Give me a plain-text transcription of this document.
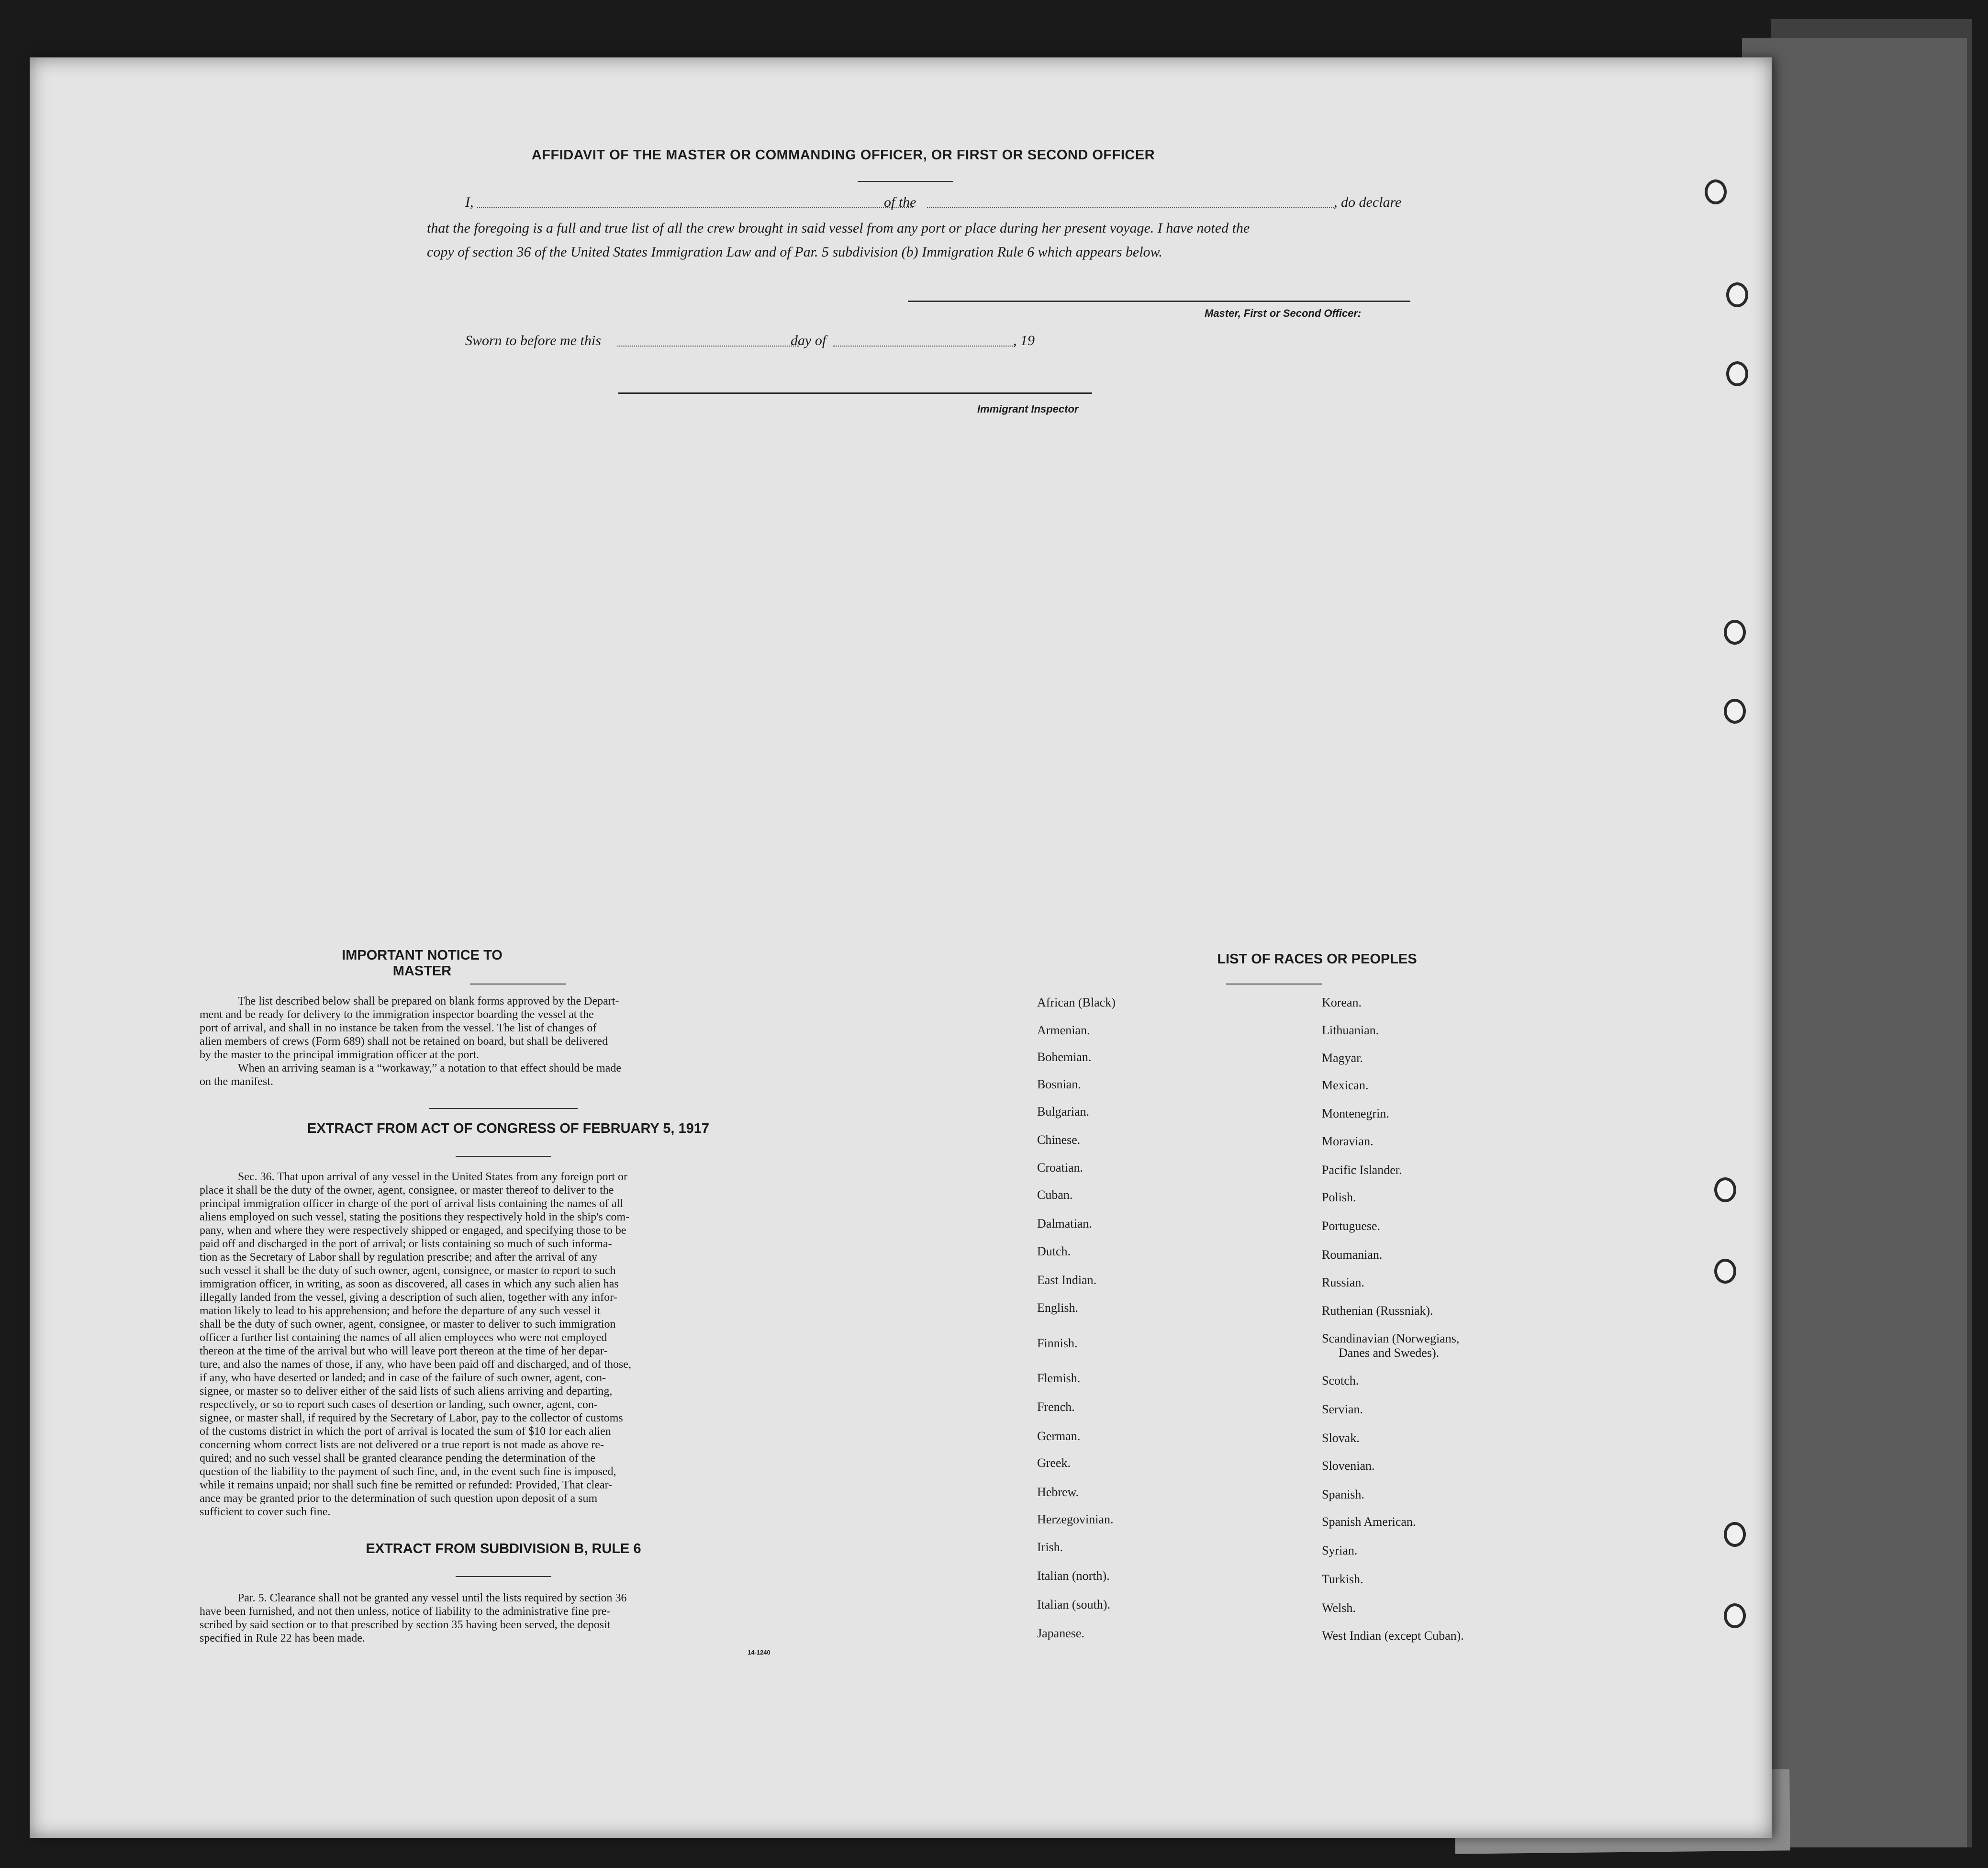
AFFIDAVIT OF THE MASTER OR COMMANDING OFFICER, OR FIRST OR SECOND OFFICER
I,	of the	, do declare
that the foregoing is a full and true list of all the crew brought in said vessel from any port or place during her present voyage. I have noted the
copy of section 36 of the United States Immigration Law and of Par. 5 subdivision (b) Immigration Rule 6 which appears below.
Master, First or Second Officer:
Sworn to before me this	day of	, 19
Immigrant Inspector
IMPORTANT NOTICE TO MASTER
The list described below shall be prepared on blank forms approved by the Depart-
ment and be ready for delivery to the immigration inspector boarding the vessel at the
port of arrival, and shall in no instance be taken from the vessel. The list of changes of
alien members of crews (Form 689) shall not be retained on board, but shall be delivered
by the master to the principal immigration officer at the port.
When an arriving seaman is a “workaway,” a notation to that effect should be made
on the manifest.
EXTRACT FROM ACT OF CONGRESS OF FEBRUARY 5, 1917
Sec. 36. That upon arrival of any vessel in the United States from any foreign port or
place it shall be the duty of the owner, agent, consignee, or master thereof to deliver to the
principal immigration officer in charge of the port of arrival lists containing the names of all
aliens employed on such vessel, stating the positions they respectively hold in the ship's com-
pany, when and where they were respectively shipped or engaged, and specifying those to be
paid off and discharged in the port of arrival; or lists containing so much of such informa-
tion as the Secretary of Labor shall by regulation prescribe; and after the arrival of any
such vessel it shall be the duty of such owner, agent, consignee, or master to report to such
immigration officer, in writing, as soon as discovered, all cases in which any such alien has
illegally landed from the vessel, giving a description of such alien, together with any infor-
mation likely to lead to his apprehension; and before the departure of any such vessel it
shall be the duty of such owner, agent, consignee, or master to deliver to such immigration
officer a further list containing the names of all alien employees who were not employed
thereon at the time of the arrival but who will leave port thereon at the time of her depar-
ture, and also the names of those, if any, who have been paid off and discharged, and of those,
if any, who have deserted or landed; and in case of the failure of such owner, agent, con-
signee, or master so to deliver either of the said lists of such aliens arriving and departing,
respectively, or so to report such cases of desertion or landing, such owner, agent, con-
signee, or master shall, if required by the Secretary of Labor, pay to the collector of customs
of the customs district in which the port of arrival is located the sum of $10 for each alien
concerning whom correct lists are not delivered or a true report is not made as above re-
quired; and no such vessel shall be granted clearance pending the determination of the
question of the liability to the payment of such fine, and, in the event such fine is imposed,
while it remains unpaid; nor shall such fine be remitted or refunded: Provided, That clear-
ance may be granted prior to the determination of such question upon deposit of a sum
sufficient to cover such fine.
EXTRACT FROM SUBDIVISION B, RULE 6
Par. 5. Clearance shall not be granted any vessel until the lists required by section 36
have been furnished, and not then unless, notice of liability to the administrative fine pre-
scribed by said section or to that prescribed by section 35 having been served, the deposit
specified in Rule 22 has been made.
14-1240
LIST OF RACES OR PEOPLES
African (Black)
Armenian.
Bohemian.
Bosnian.
Bulgarian.
Chinese.
Croatian.
Cuban.
Dalmatian.
Dutch.
East Indian.
English.
Finnish.
Flemish.
French.
German.
Greek.
Hebrew.
Herzegovinian.
Irish.
Italian (north).
Italian (south).
Japanese.
Korean.
Lithuanian.
Magyar.
Mexican.
Montenegrin.
Moravian.
Pacific Islander.
Polish.
Portuguese.
Roumanian.
Russian.
Ruthenian (Russniak).
Scandinavian (Norwegians,
Danes and Swedes).
Scotch.
Servian.
Slovak.
Slovenian.
Spanish.
Spanish American.
Syrian.
Turkish.
Welsh.
West Indian (except Cuban).
